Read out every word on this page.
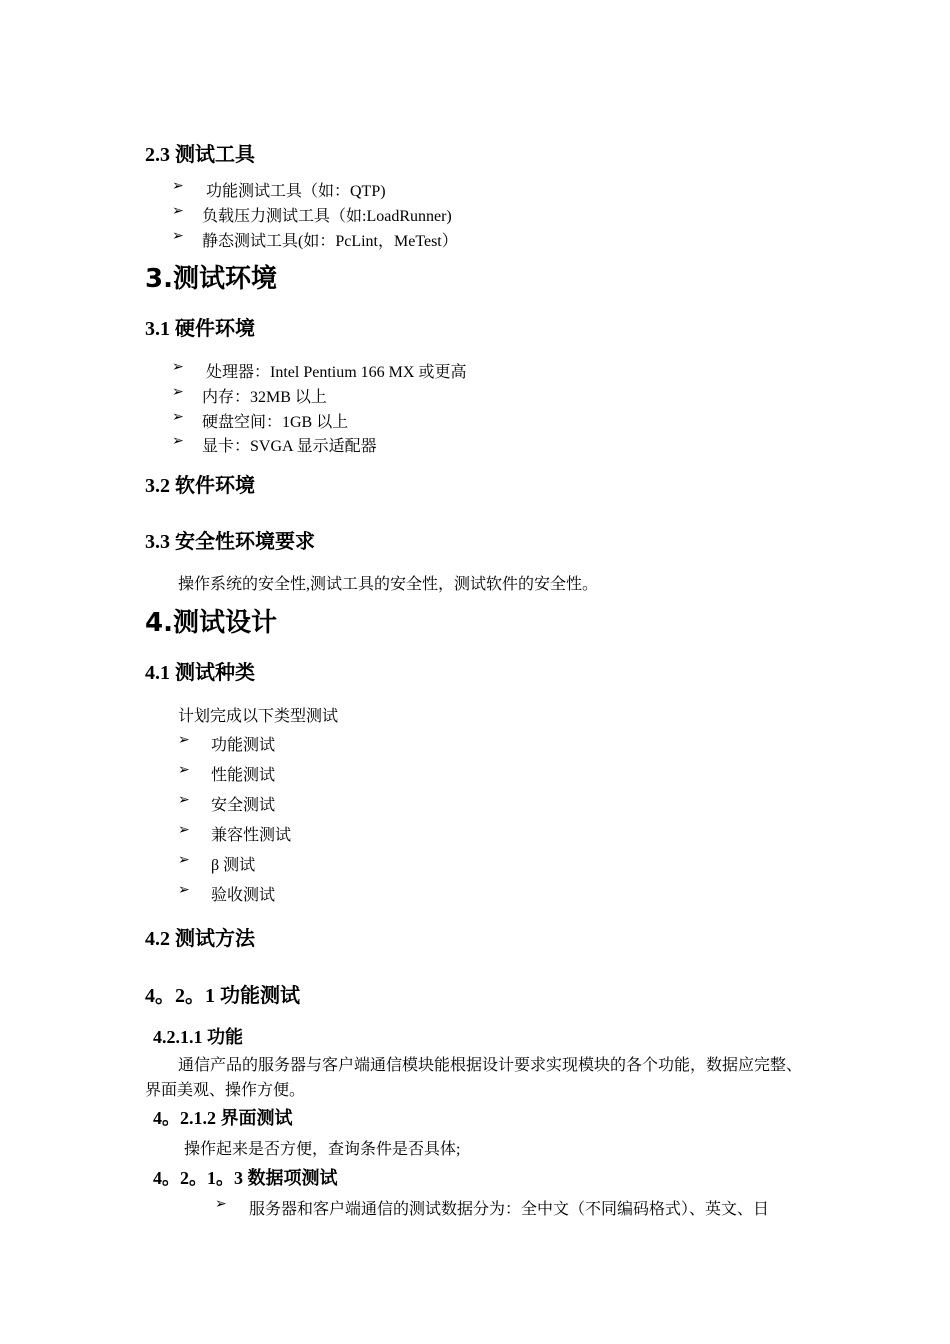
2.3 测试工具
➢ 功能测试工具（如：QTP)
➢ 负载压力测试工具（如:LoadRunner)
➢ 静态测试工具(如：PcLint，MeTest）
3.测试环境
3.1 硬件环境
➢ 处理器：Intel Pentium 166 MX 或更高
➢ 内存：32MB 以上
➢ 硬盘空间：1GB 以上
➢ 显卡：SVGA 显示适配器
3.2 软件环境
3.3 安全性环境要求
操作系统的安全性,测试工具的安全性，测试软件的安全性。
4.测试设计
4.1 测试种类
计划完成以下类型测试
➢ 功能测试
➢ 性能测试
➢ 安全测试
➢ 兼容性测试
➢ β 测试
➢ 验收测试
4.2 测试方法
4。2。1 功能测试
4.2.1.1 功能
通信产品的服务器与客户端通信模块能根据设计要求实现模块的各个功能，数据应完整、界面美观、操作方便。
4。2.1.2 界面测试
操作起来是否方便，查询条件是否具体;
4。2。1。3 数据项测试
➢ 服务器和客户端通信的测试数据分为：全中文（不同编码格式）、英文、日
